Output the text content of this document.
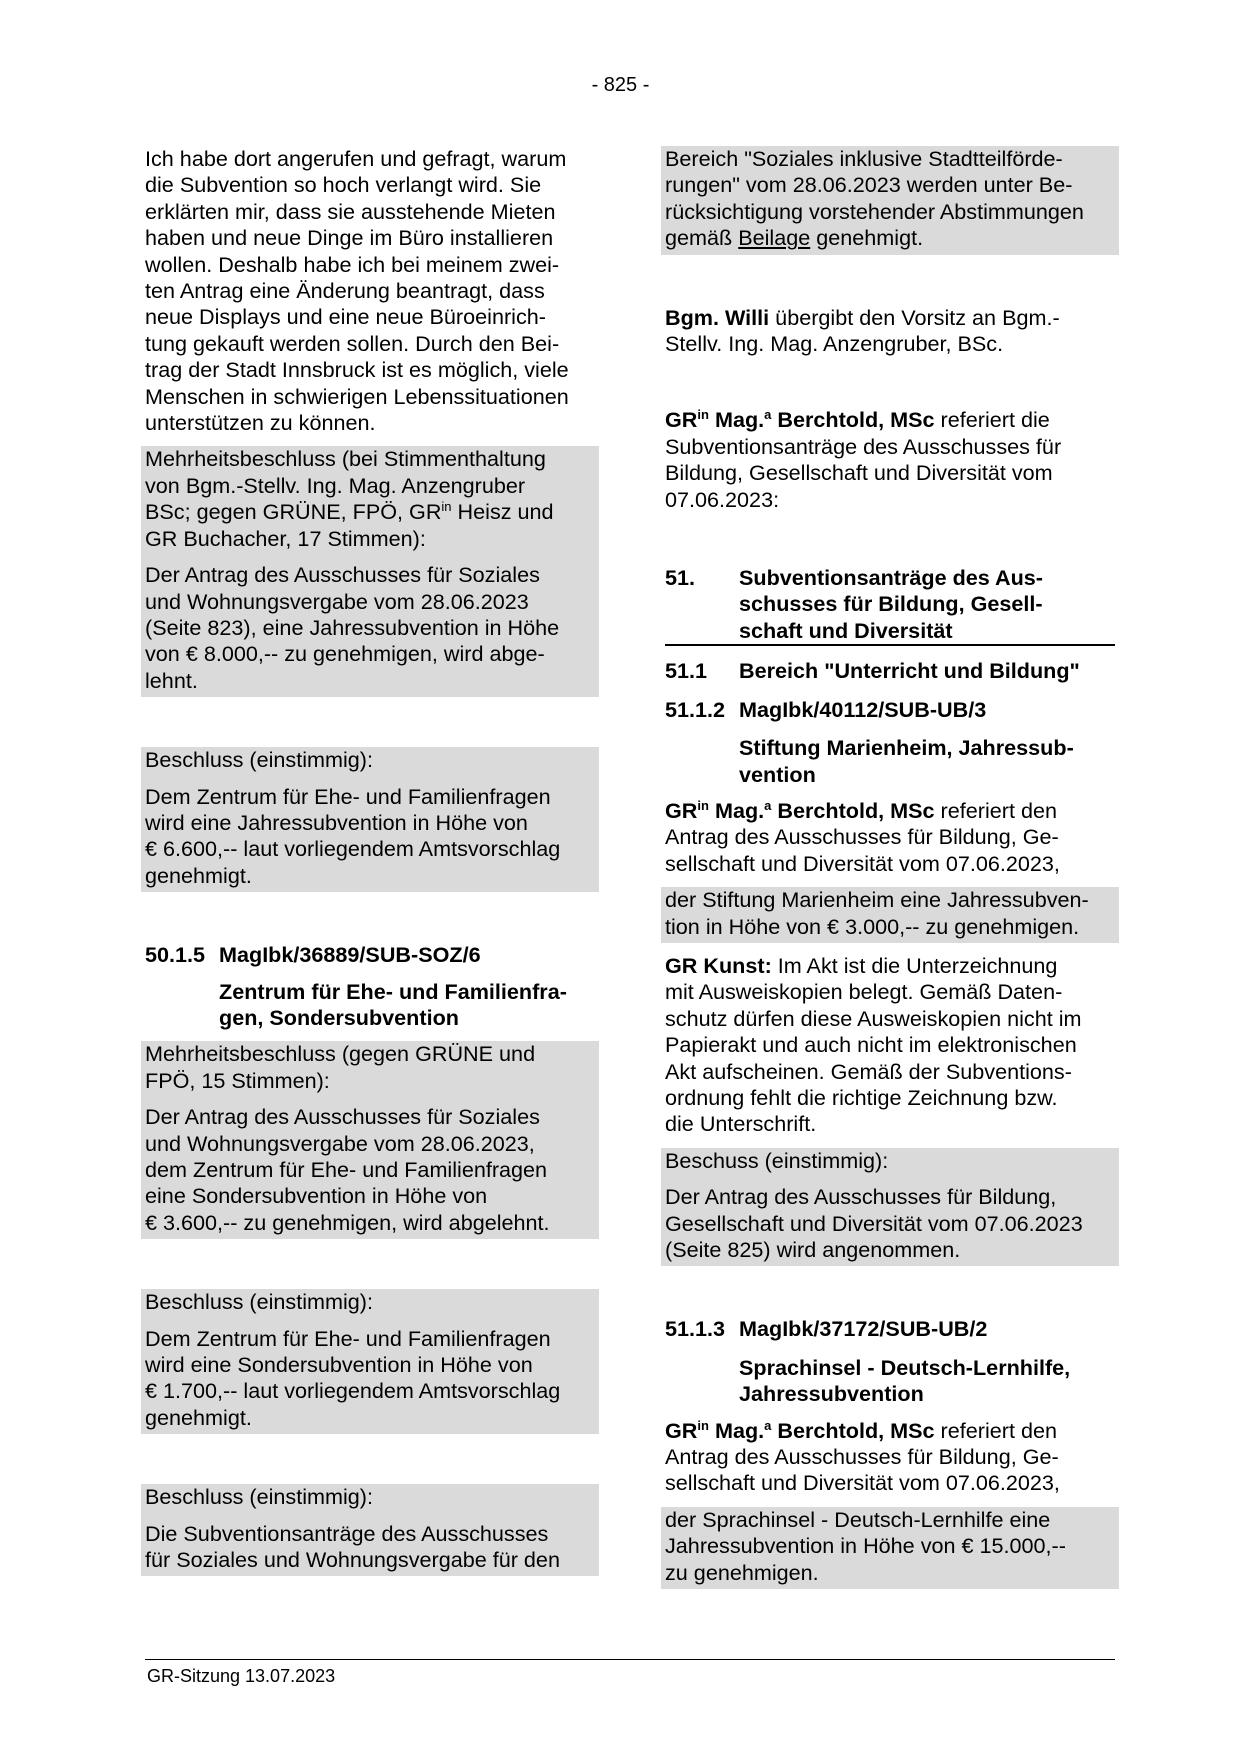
- 825 -
Ich habe dort angerufen und gefragt, warum
die Subvention so hoch verlangt wird. Sie
erklärten mir, dass sie ausstehende Mieten
haben und neue Dinge im Büro installieren
wollen. Deshalb habe ich bei meinem zwei-
ten Antrag eine Änderung beantragt, dass
neue Displays und eine neue Büroeinrich-
tung gekauft werden sollen. Durch den Bei-
trag der Stadt Innsbruck ist es möglich, viele
Menschen in schwierigen Lebenssituationen
unterstützen zu können.
Mehrheitsbeschluss (bei Stimmenthaltung
von Bgm.-Stellv. Ing. Mag. Anzengruber
BSc; gegen GRÜNE, FPÖ, $GR^{in}$ Heisz und
GR Buchacher, 17 Stimmen):
Der Antrag des Ausschusses für Soziales
und Wohnungsvergabe vom 28.06.2023
(Seite 823), eine Jahressubvention in Höhe
von € 8.000,-- zu genehmigen, wird abge-
lehnt.
Beschluss (einstimmig):
Dem Zentrum für Ehe- und Familienfragen
wird eine Jahressubvention in Höhe von
€ 6.600,-- laut vorliegendem Amtsvorschlag
genehmigt.
50.1.5 MagIbk/36889/SUB-SOZ/6
Zentrum für Ehe- und Familienfra-
gen, Sondersubvention
Mehrheitsbeschluss (gegen GRÜNE und
FPÖ, 15 Stimmen):
Der Antrag des Ausschusses für Soziales
und Wohnungsvergabe vom 28.06.2023,
dem Zentrum für Ehe- und Familienfragen
eine Sondersubvention in Höhe von
€ 3.600,-- zu genehmigen, wird abgelehnt.
Beschluss (einstimmig):
Dem Zentrum für Ehe- und Familienfragen
wird eine Sondersubvention in Höhe von
€ 1.700,-- laut vorliegendem Amtsvorschlag
genehmigt.
Beschluss (einstimmig):
Die Subventionsanträge des Ausschusses
für Soziales und Wohnungsvergabe für den
Bereich "Soziales inklusive Stadtteilförde-
rungen" vom 28.06.2023 werden unter Be-
rücksichtigung vorstehender Abstimmungen
gemäß Beilage genehmigt.
Bgm. Willi übergibt den Vorsitz an Bgm.-
Stellv. Ing. Mag. Anzengruber, BSc.
$GR^{in}$ Mag.$^a$ Berchtold, MSc referiert die
Subventionsanträge des Ausschusses für
Bildung, Gesellschaft und Diversität vom
07.06.2023:
51.	Subventionsanträge des Aus-
schusses für Bildung, Gesell-
schaft und Diversität
51.1	Bereich "Unterricht und Bildung"
51.1.2 MagIbk/40112/SUB-UB/3
Stiftung Marienheim, Jahressub-
vention
$GR^{in}$ Mag.$^a$ Berchtold, MSc referiert den
Antrag des Ausschusses für Bildung, Ge-
sellschaft und Diversität vom 07.06.2023,
der Stiftung Marienheim eine Jahressubven-
tion in Höhe von € 3.000,-- zu genehmigen.
GR Kunst: Im Akt ist die Unterzeichnung
mit Ausweiskopien belegt. Gemäß Daten-
schutz dürfen diese Ausweiskopien nicht im
Papierakt und auch nicht im elektronischen
Akt aufscheinen. Gemäß der Subventions-
ordnung fehlt die richtige Zeichnung bzw.
die Unterschrift.
Beschuss (einstimmig):
Der Antrag des Ausschusses für Bildung,
Gesellschaft und Diversität vom 07.06.2023
(Seite 825) wird angenommen.
51.1.3 MagIbk/37172/SUB-UB/2
Sprachinsel - Deutsch-Lernhilfe,
Jahressubvention
$GR^{in}$ Mag.$^a$ Berchtold, MSc referiert den
Antrag des Ausschusses für Bildung, Ge-
sellschaft und Diversität vom 07.06.2023,
der Sprachinsel - Deutsch-Lernhilfe eine
Jahressubvention in Höhe von € 15.000,--
zu genehmigen.
GR-Sitzung 13.07.2023
